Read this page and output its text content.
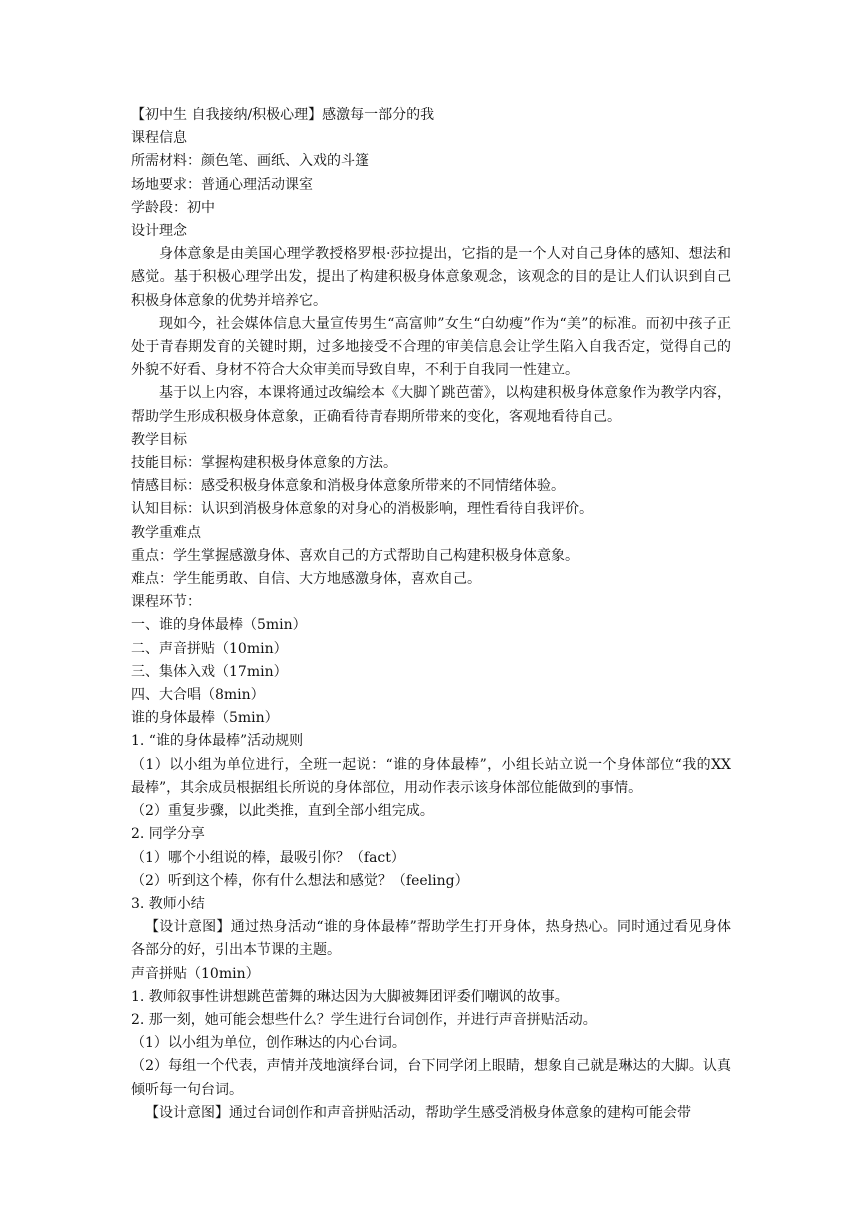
【初中生 自我接纳/积极心理】感激每一部分的我
课程信息
所需材料：颜色笔、画纸、入戏的斗篷
场地要求：普通心理活动课室
学龄段：初中
设计理念
身体意象是由美国心理学教授格罗根·莎拉提出，它指的是一个人对自己身体的感知、想法和感觉。基于积极心理学出发，提出了构建积极身体意象观念，该观念的目的是让人们认识到自己积极身体意象的优势并培养它。
现如今，社会媒体信息大量宣传男生“高富帅”女生“白幼瘦”作为“美”的标准。而初中孩子正处于青春期发育的关键时期，过多地接受不合理的审美信息会让学生陷入自我否定，觉得自己的外貌不好看、身材不符合大众审美而导致自卑，不利于自我同一性建立。
基于以上内容，本课将通过改编绘本《大脚丫跳芭蕾》，以构建积极身体意象作为教学内容，帮助学生形成积极身体意象，正确看待青春期所带来的变化，客观地看待自己。
教学目标
技能目标：掌握构建积极身体意象的方法。
情感目标：感受积极身体意象和消极身体意象所带来的不同情绪体验。
认知目标：认识到消极身体意象的对身心的消极影响，理性看待自我评价。
教学重难点
重点：学生掌握感激身体、喜欢自己的方式帮助自己构建积极身体意象。
难点：学生能勇敢、自信、大方地感激身体，喜欢自己。
课程环节：
一、谁的身体最棒（5min）
二、声音拼贴（10min）
三、集体入戏（17min）
四、大合唱（8min）
谁的身体最棒（5min）
1. “谁的身体最棒”活动规则
（1）以小组为单位进行，全班一起说：“谁的身体最棒”，小组长站立说一个身体部位“我的XX 最棒”，其余成员根据组长所说的身体部位，用动作表示该身体部位能做到的事情。
（2）重复步骤，以此类推，直到全部小组完成。
2. 同学分享
（1）哪个小组说的棒，最吸引你？（fact）
（2）听到这个棒，你有什么想法和感觉？（feeling）
3. 教师小结
【设计意图】通过热身活动“谁的身体最棒”帮助学生打开身体，热身热心。同时通过看见身体各部分的好，引出本节课的主题。
声音拼贴（10min）
1. 教师叙事性讲想跳芭蕾舞的琳达因为大脚被舞团评委们嘲讽的故事。
2. 那一刻，她可能会想些什么？学生进行台词创作，并进行声音拼贴活动。
（1）以小组为单位，创作琳达的内心台词。
（2）每组一个代表，声情并茂地演绎台词，台下同学闭上眼睛，想象自己就是琳达的大脚。认真倾听每一句台词。
【设计意图】通过台词创作和声音拼贴活动，帮助学生感受消极身体意象的建构可能会带
